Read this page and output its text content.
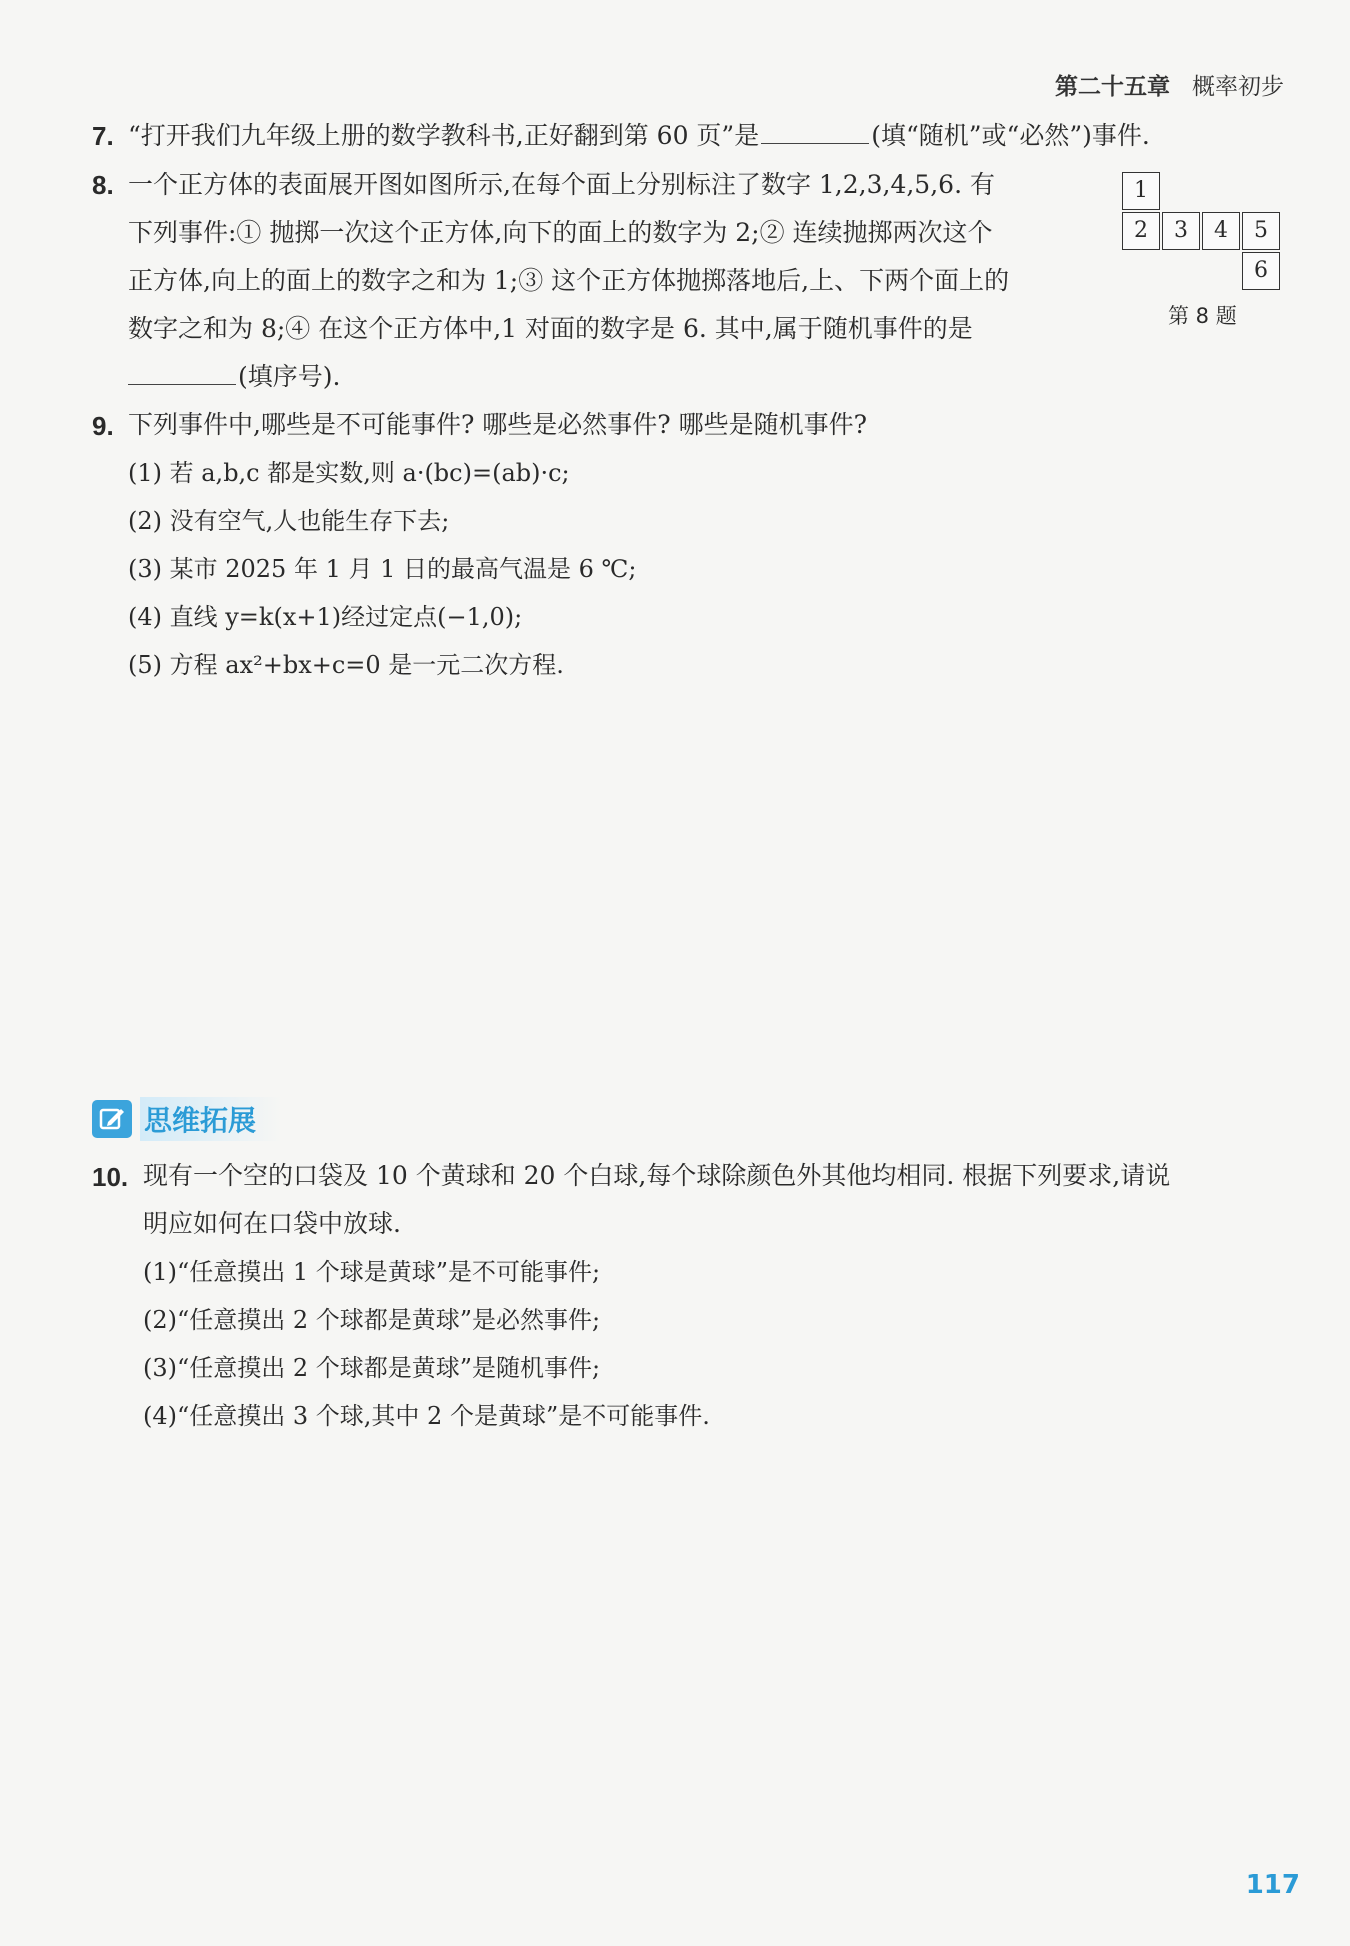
第二十五章 概率初步
7. “打开我们九年级上册的数学教科书,正好翻到第 60 页”是	(填“随机”或“必然”)事件.
8. 一个正方体的表面展开图如图所示,在每个面上分别标注了数字 1,2,3,4,5,6. 有
下列事件:① 抛掷一次这个正方体,向下的面上的数字为 2;② 连续抛掷两次这个
正方体,向上的面上的数字之和为 1;③ 这个正方体抛掷落地后,上、下两个面上的
数字之和为 8;④ 在这个正方体中,1 对面的数字是 6. 其中,属于随机事件的是
(填序号).
1
2	3	4	5
6
第 8 题
9. 下列事件中,哪些是不可能事件? 哪些是必然事件? 哪些是随机事件?
(1) 若 a,b,c 都是实数,则 a·(bc)=(ab)·c;
(2) 没有空气,人也能生存下去;
(3) 某市 2025 年 1 月 1 日的最高气温是 6 ℃;
(4) 直线 y=k(x+1)经过定点(−1,0);
(5) 方程 ax²+bx+c=0 是一元二次方程.
思维拓展
10. 现有一个空的口袋及 10 个黄球和 20 个白球,每个球除颜色外其他均相同. 根据下列要求,请说
明应如何在口袋中放球.
(1)“任意摸出 1 个球是黄球”是不可能事件;
(2)“任意摸出 2 个球都是黄球”是必然事件;
(3)“任意摸出 2 个球都是黄球”是随机事件;
(4)“任意摸出 3 个球,其中 2 个是黄球”是不可能事件.
117
